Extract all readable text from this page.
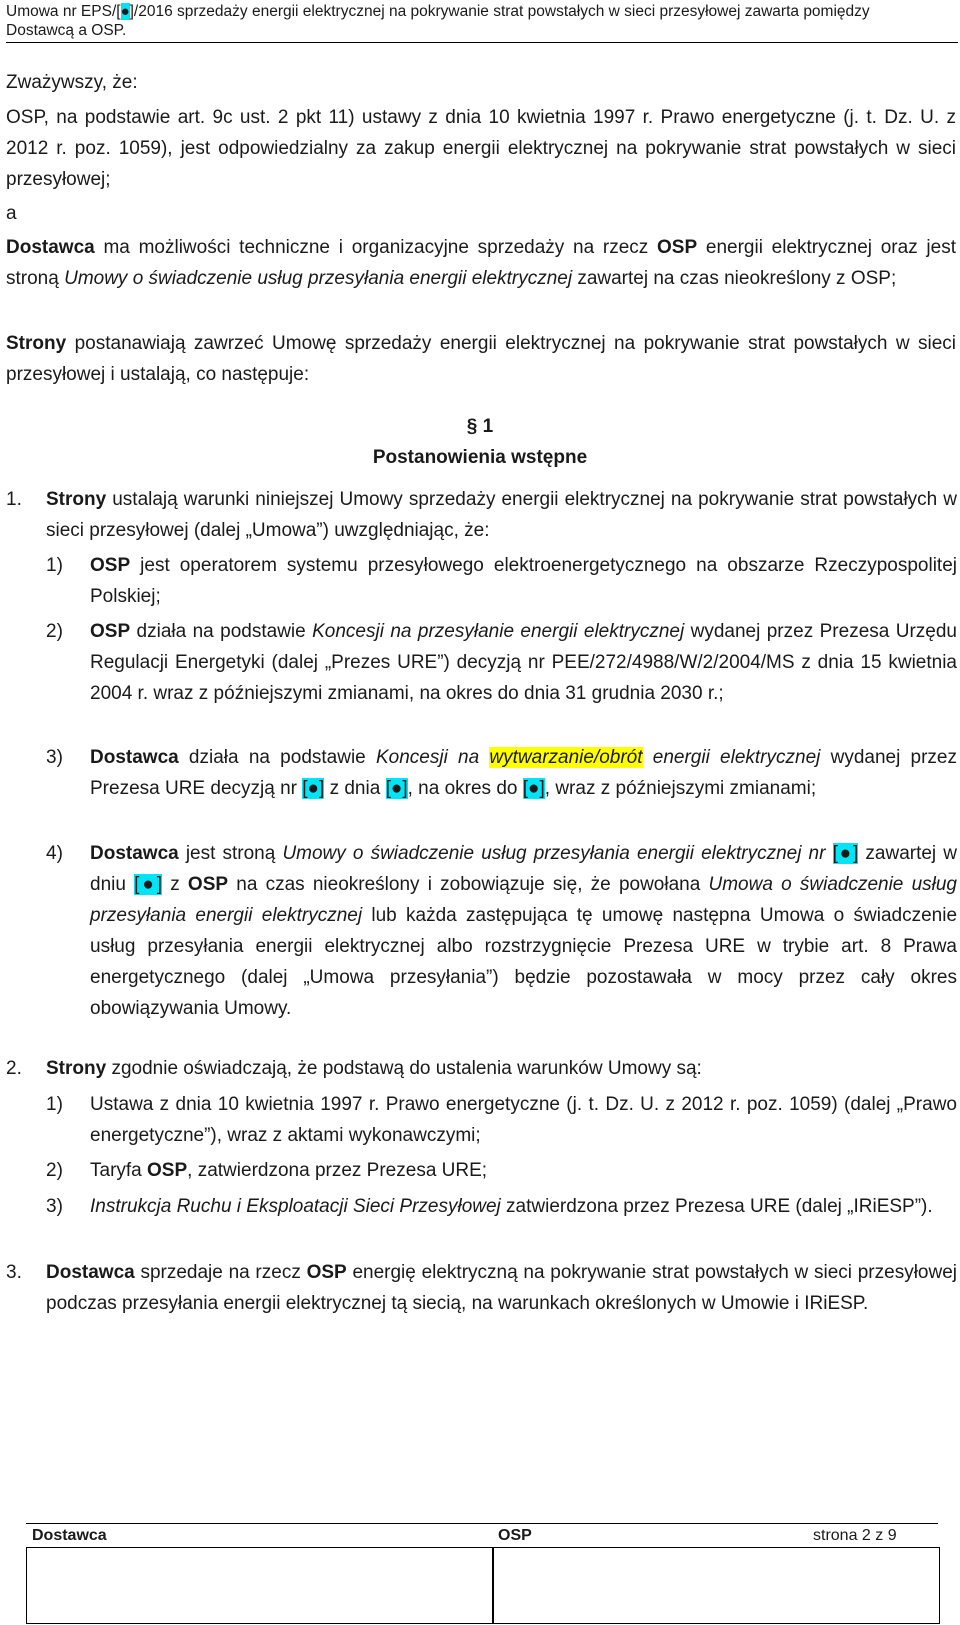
Umowa nr EPS/[●]/2016 sprzedaży energii elektrycznej na pokrywanie strat powstałych w sieci przesyłowej zawarta pomiędzy
Dostawcą a OSP.
Zważywszy, że:
OSP, na podstawie art. 9c ust. 2 pkt 11) ustawy z dnia 10 kwietnia 1997 r. Prawo energetyczne (j. t. Dz. U. z 2012 r. poz. 1059), jest odpowiedzialny za zakup energii elektrycznej na pokrywanie strat powstałych w sieci przesyłowej;
a
Dostawca ma możliwości techniczne i organizacyjne sprzedaży na rzecz OSP energii elektrycznej oraz jest stroną Umowy o świadczenie usług przesyłania energii elektrycznej zawartej na czas nieokreślony z OSP;
Strony postanawiają zawrzeć Umowę sprzedaży energii elektrycznej na pokrywanie strat powstałych w sieci przesyłowej i ustalają, co następuje:
§ 1
Postanowienia wstępne
1. Strony ustalają warunki niniejszej Umowy sprzedaży energii elektrycznej na pokrywanie strat powstałych w sieci przesyłowej (dalej „Umowa”) uwzględniając, że:
1) OSP jest operatorem systemu przesyłowego elektroenergetycznego na obszarze Rzeczypospolitej Polskiej;
2) OSP działa na podstawie Koncesji na przesyłanie energii elektrycznej wydanej przez Prezesa Urzędu Regulacji Energetyki (dalej „Prezes URE”) decyzją nr PEE/272/4988/W/2/2004/MS z dnia 15 kwietnia 2004 r. wraz z późniejszymi zmianami, na okres do dnia 31 grudnia 2030 r.;
3) Dostawca działa na podstawie Koncesji na wytwarzanie/obrót energii elektrycznej wydanej przez Prezesa URE decyzją nr [●] z dnia [●], na okres do [●], wraz z późniejszymi zmianami;
4) Dostawca jest stroną Umowy o świadczenie usług przesyłania energii elektrycznej nr [●] zawartej w dniu [●] z OSP na czas nieokreślony i zobowiązuje się, że powołana Umowa o świadczenie usług przesyłania energii elektrycznej lub każda zastępująca tę umowę następna Umowa o świadczenie usług przesyłania energii elektrycznej albo rozstrzygnięcie Prezesa URE w trybie art. 8 Prawa energetycznego (dalej „Umowa przesyłania”) będzie pozostawała w mocy przez cały okres obowiązywania Umowy.
2. Strony zgodnie oświadczają, że podstawą do ustalenia warunków Umowy są:
1) Ustawa z dnia 10 kwietnia 1997 r. Prawo energetyczne (j. t. Dz. U. z 2012 r. poz. 1059) (dalej „Prawo energetyczne”), wraz z aktami wykonawczymi;
2) Taryfa OSP, zatwierdzona przez Prezesa URE;
3) Instrukcja Ruchu i Eksploatacji Sieci Przesyłowej zatwierdzona przez Prezesa URE (dalej „IRiESP”).
3. Dostawca sprzedaje na rzecz OSP energię elektryczną na pokrywanie strat powstałych w sieci przesyłowej podczas przesyłania energii elektrycznej tą siecią, na warunkach określonych w Umowie i IRiESP.
Dostawca	OSP	strona 2 z 9
